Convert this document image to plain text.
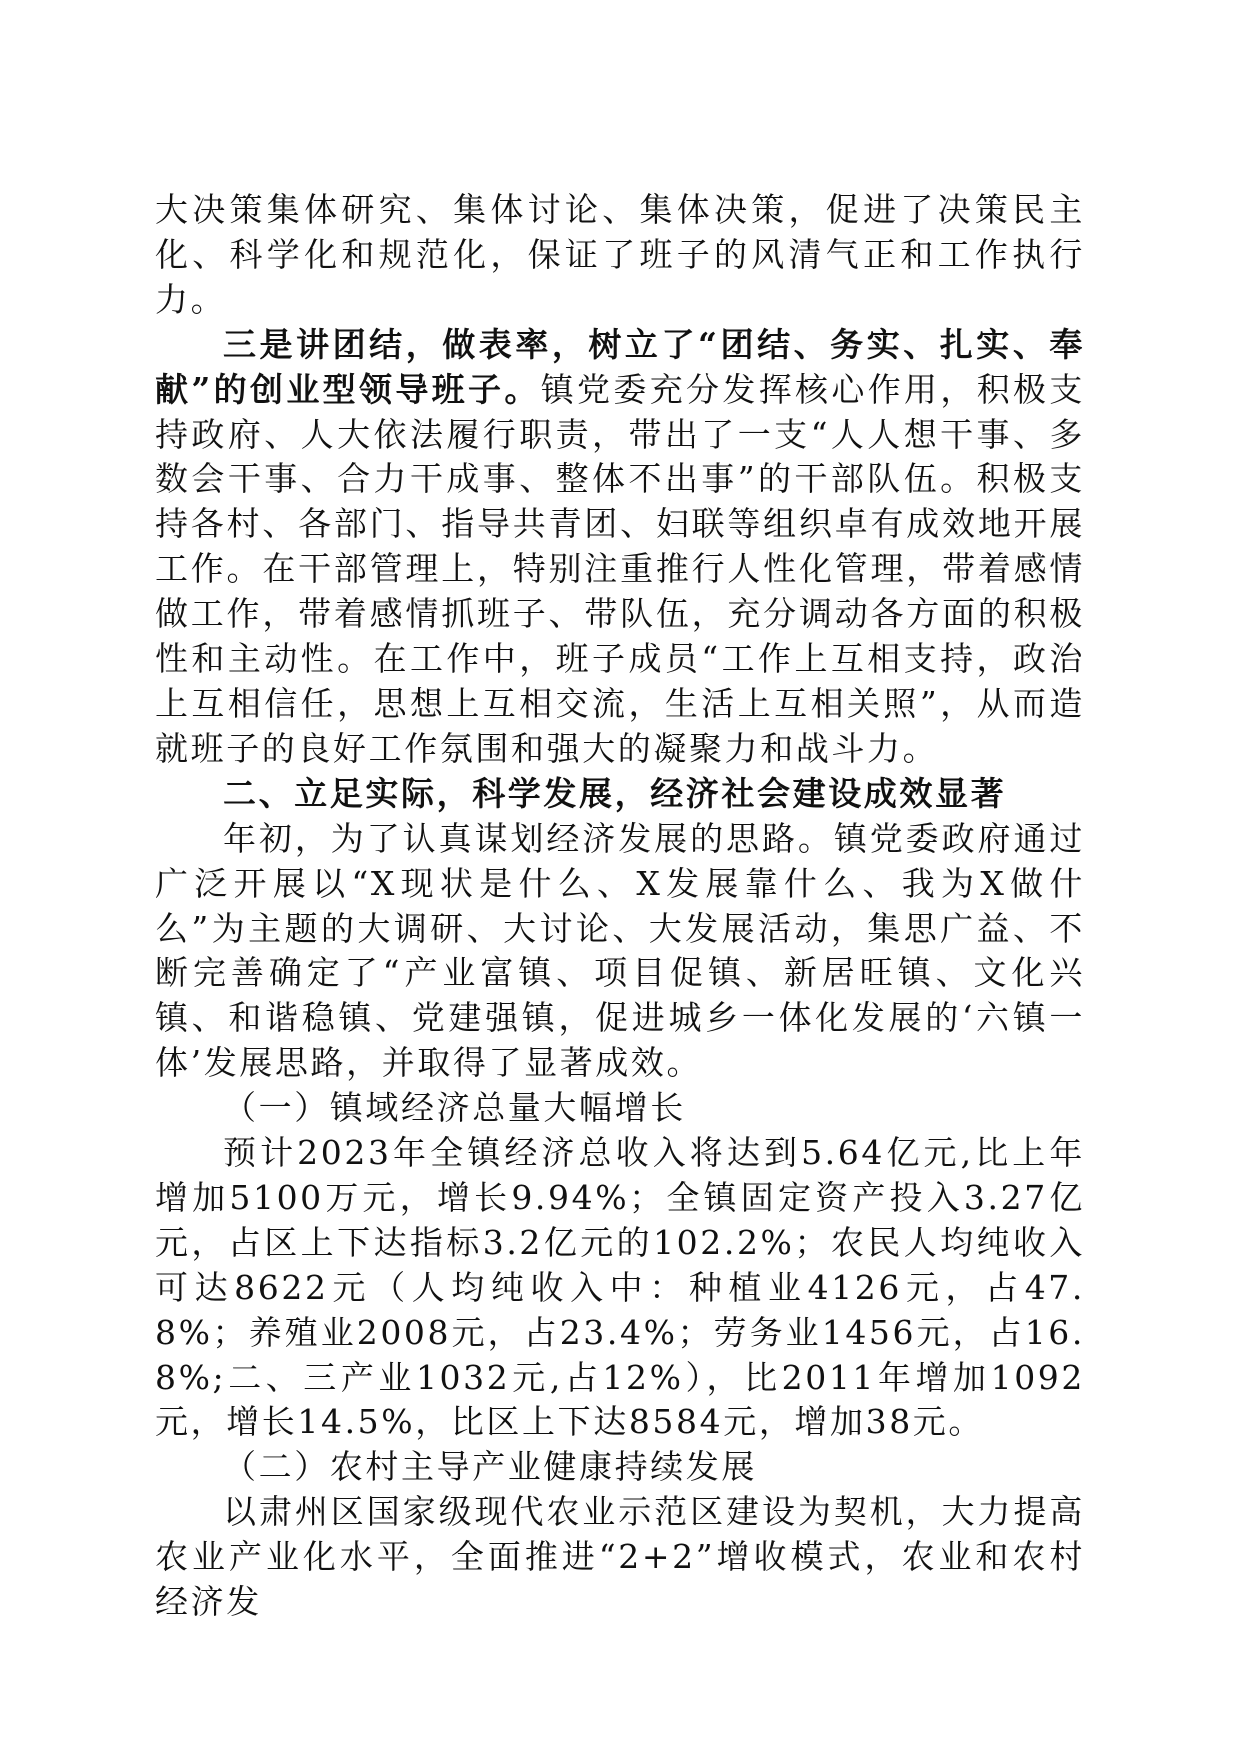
大决策集体研究、集体讨论、集体决策，促进了决策民主化、科学化和规范化，保证了班子的风清气正和工作执行力。

三是讲团结，做表率，树立了“团结、务实、扎实、奉献”的创业型领导班子。镇党委充分发挥核心作用，积极支持政府、人大依法履行职责，带出了一支“人人想干事、多数会干事、合力干成事、整体不出事”的干部队伍。积极支持各村、各部门、指导共青团、妇联等组织卓有成效地开展工作。在干部管理上，特别注重推行人性化管理，带着感情做工作，带着感情抓班子、带队伍，充分调动各方面的积极性和主动性。在工作中，班子成员“工作上互相支持，政治上互相信任，思想上互相交流，生活上互相关照”，从而造就班子的良好工作氛围和强大的凝聚力和战斗力。

二、立足实际，科学发展，经济社会建设成效显著

年初，为了认真谋划经济发展的思路。镇党委政府通过广泛开展以“X现状是什么、X发展靠什么、我为X做什么”为主题的大调研、大讨论、大发展活动，集思广益、不断完善确定了“产业富镇、项目促镇、新居旺镇、文化兴镇、和谐稳镇、党建强镇，促进城乡一体化发展的‘六镇一体’发展思路，并取得了显著成效。

（一）镇域经济总量大幅增长

预计2023年全镇经济总收入将达到5.64亿元,比上年增加5100万元，增长9.94%；全镇固定资产投入3.27亿元，占区上下达指标3.2亿元的102.2%；农民人均纯收入可达8622元（人均纯收入中：种植业4126元，占47.8%；养殖业2008元，占23.4%；劳务业1456元，占16.8%;二、三产业1032元,占12%），比2011年增加1092元，增长14.5%，比区上下达8584元，增加38元。

（二）农村主导产业健康持续发展

以肃州区国家级现代农业示范区建设为契机，大力提高农业产业化水平，全面推进“2+2”增收模式，农业和农村经济发
